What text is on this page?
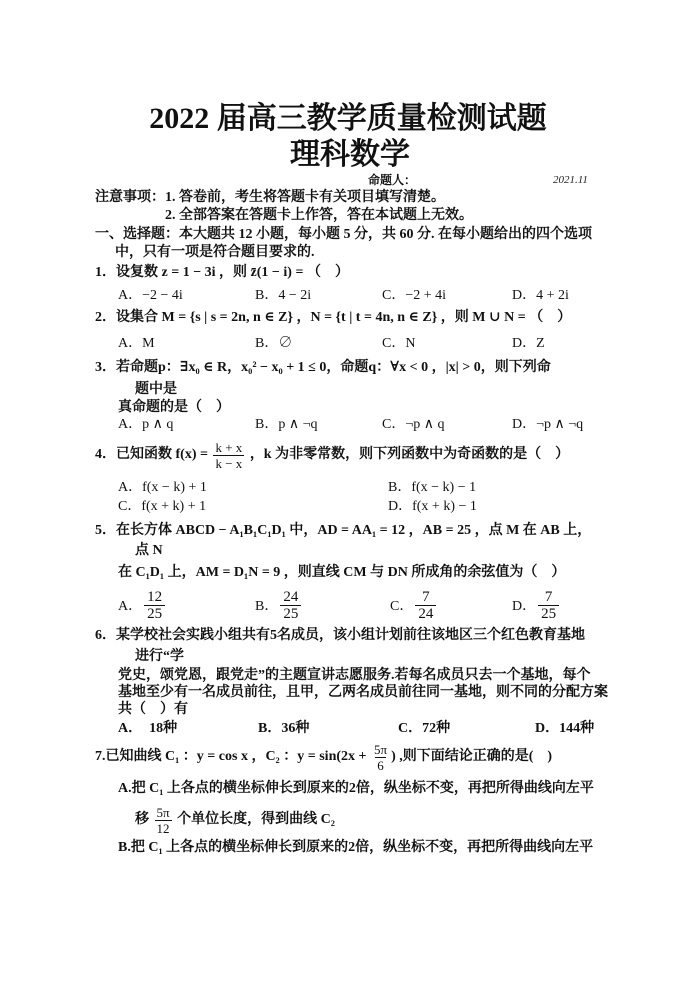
2022 届高三教学质量检测试题
理科数学
命题人：	2021.11
注意事项： 1. 答卷前，考生将答题卡有关项目填写清楚。
2. 全部答案在答题卡上作答，答在本试题上无效。
一、选择题：本大题共 12 小题，每小题 5 分，共 60 分. 在每小题给出的四个选项
中，只有一项是符合题目要求的.
1．设复数 z = 1 − 3i ，则 z̄(1 − i) = （    ）
A．−2 − 4i	B．4 − 2i	C．−2 + 4i	D．4 + 2i
2．设集合 M = {s | s = 2n, n ∈ Z} ，N = {t | t = 4n, n ∈ Z} ，则 M ∪ N = （    ）
A．M	B．∅	C．N	D．Z
3．若命题p：∃x₀ ∈ R，x₀² − x₀ + 1 ≤ 0，命题q：∀x < 0 ，|x| > 0，则下列命
题中是
真命题的是（    ）
A．p ∧ q	B．p ∧ ¬q	C．¬p ∧ q	D．¬p ∧ ¬q
4．已知函数 $f(x) = \frac{k + x}{k - x}$ ，k 为非零常数，则下列函数中为奇函数的是（    ）
A．f(x − k) + 1	B．f(x − k) − 1
C．f(x + k) + 1	D．f(x + k) − 1
5．在长方体 ABCD − A₁B₁C₁D₁ 中，AD = AA₁ = 12 ，AB = 25 ，点 M 在 AB 上，
点 N
在 C₁D₁ 上，AM = D₁N = 9 ，则直线 CM 与 DN 所成角的余弦值为（    ）
A． $\frac{12}{25}$	B． $\frac{24}{25}$	C． $\frac{7}{24}$	D． $\frac{7}{25}$
6．某学校社会实践小组共有5名成员，该小组计划前往该地区三个红色教育基地
进行“学
党史，颂党恩，跟党走”的主题宣讲志愿服务.若每名成员只去一个基地，每个
基地至少有一名成员前往，且甲，乙两名成员前往同一基地，则不同的分配方案
共（    ）有
A．  18种	B．36种	C．72种	D．144种
7.已知曲线 C₁ ：y = cos x ，C₂ ：$y = \sin(2x + \frac{5\pi}{6}$ ) ,则下面结论正确的是(    )
A.把 C₁ 上各点的横坐标伸长到原来的2倍，纵坐标不变，再把所得曲线向左平
移 $\frac{5\pi}{12}$ 个单位长度，得到曲线 C₂
B.把 C₁ 上各点的横坐标伸长到原来的2倍，纵坐标不变，再把所得曲线向左平
